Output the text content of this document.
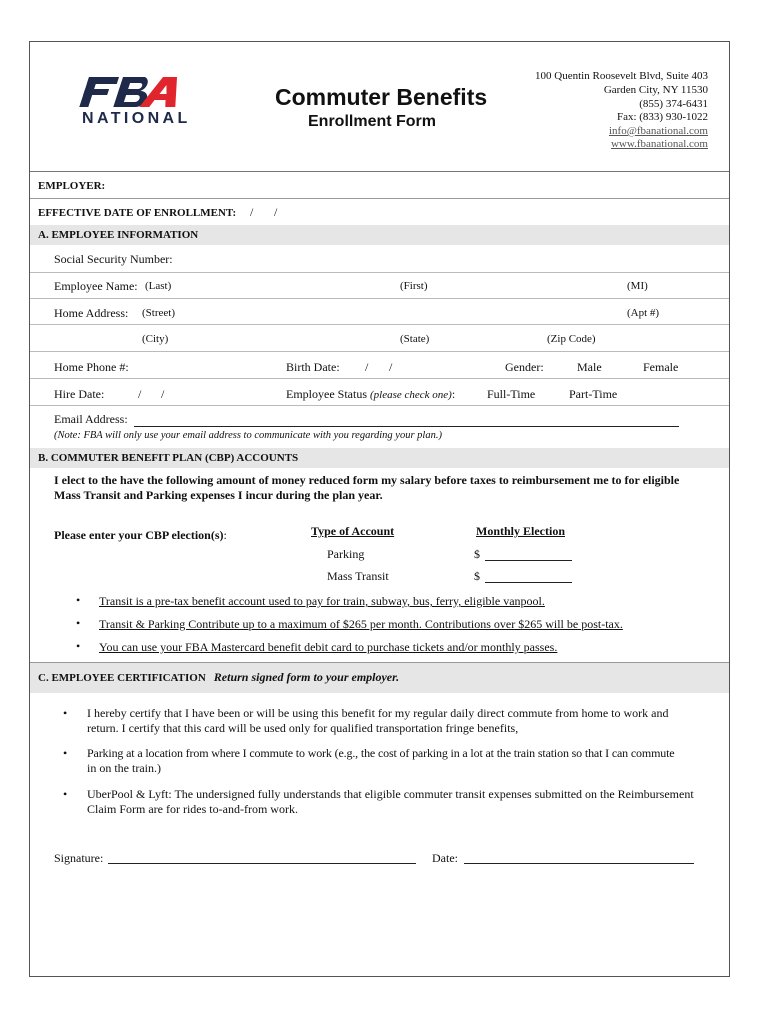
NATIONAL
Commuter Benefits
Enrollment Form
100 Quentin Roosevelt Blvd, Suite 403
Garden City, NY 11530
(855) 374-6431
Fax: (833) 930-1022
info@fbanational.com
www.fbanational.com
EMPLOYER:
EFFECTIVE DATE OF ENROLLMENT: / /
A. EMPLOYEE INFORMATION
Social Security Number:
Employee Name: (Last)	(First)	(MI)
Home Address: (Street)	(Apt #)
(City)	(State)	(Zip Code)
Home Phone #:	Birth Date: / /	Gender:	Male	Female
Hire Date:	/ /	Employee Status (please check one):	Full-Time	Part-Time
Email Address:
(Note: FBA will only use your email address to communicate with you regarding your plan.)
B. COMMUTER BENEFIT PLAN (CBP) ACCOUNTS
I elect to the have the following amount of money reduced form my salary before taxes to reimbursement me to for eligible
Mass Transit and Parking expenses I incur during the plan year.
Please enter your CBP election(s):	Type of Account	Monthly Election
Parking	$
Mass Transit	$
• Transit is a pre-tax benefit account used to pay for train, subway, bus, ferry, eligible vanpool.
• Transit & Parking Contribute up to a maximum of $265 per month. Contributions over $265 will be post-tax.
• You can use your FBA Mastercard benefit debit card to purchase tickets and/or monthly passes.
C. EMPLOYEE CERTIFICATION Return signed form to your employer.
• I hereby certify that I have been or will be using this benefit for my regular daily direct commute from home to work and
return. I certify that this card will be used only for qualified transportation fringe benefits,
• Parking at a location from where I commute to work (e.g., the cost of parking in a lot at the train station so that I can commute
in on the train.)
• UberPool & Lyft: The undersigned fully understands that eligible commuter transit expenses submitted on the Reimbursement
Claim Form are for rides to-and-from work.
Signature:	Date:
